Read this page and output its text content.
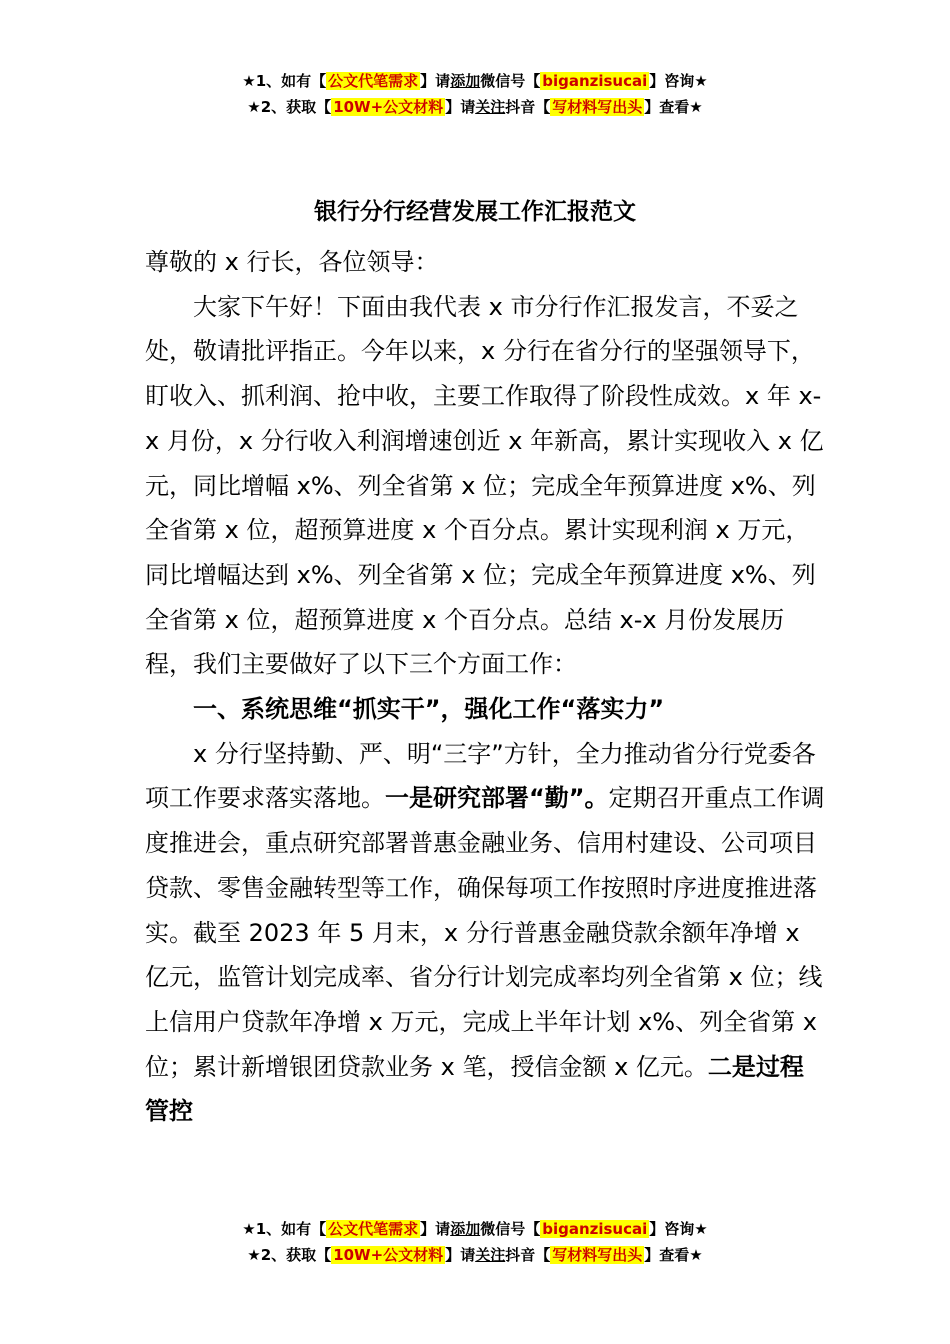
★1、如有【 公文代笔需求 】请添加微信号【 biganzisucai 】咨询★
★2、获取【 10W+公文材料 】请关注抖音【 写材料写出头 】查看★
银行分行经营发展工作汇报范文

尊敬的 x 行长，各位领导：

大家下午好！下面由我代表 x 市分行作汇报发言，不妥之处，敬请批评指正。今年以来，x 分行在省分行的坚强领导下，盯收入、抓利润、抢中收，主要工作取得了阶段性成效。x 年 x-x 月份，x 分行收入利润增速创近 x 年新高，累计实现收入 x 亿元，同比增幅 x%、列全省第 x 位；完成全年预算进度 x%、列全省第 x 位，超预算进度 x 个百分点。累计实现利润 x 万元，同比增幅达到 x%、列全省第 x 位；完成全年预算进度 x%、列全省第 x 位，超预算进度 x 个百分点。总结 x-x 月份发展历程，我们主要做好了以下三个方面工作：

一、系统思维“抓实干”，强化工作“落实力”

x 分行坚持勤、严、明“三字”方针，全力推动省分行党委各项工作要求落实落地。一是研究部署“勤”。定期召开重点工作调度推进会，重点研究部署普惠金融业务、信用村建设、公司项目贷款、零售金融转型等工作，确保每项工作按照时序进度推进落实。截至 2023 年 5 月末，x 分行普惠金融贷款余额年净增 x 亿元，监管计划完成率、省分行计划完成率均列全省第 x 位；线上信用户贷款年净增 x 万元，完成上半年计划 x%、列全省第 x 位；累计新增银团贷款业务 x 笔，授信金额 x 亿元。二是过程管控

★1、如有【 公文代笔需求 】请添加微信号【 biganzisucai 】咨询★
★2、获取【 10W+公文材料 】请关注抖音【 写材料写出头 】查看★
